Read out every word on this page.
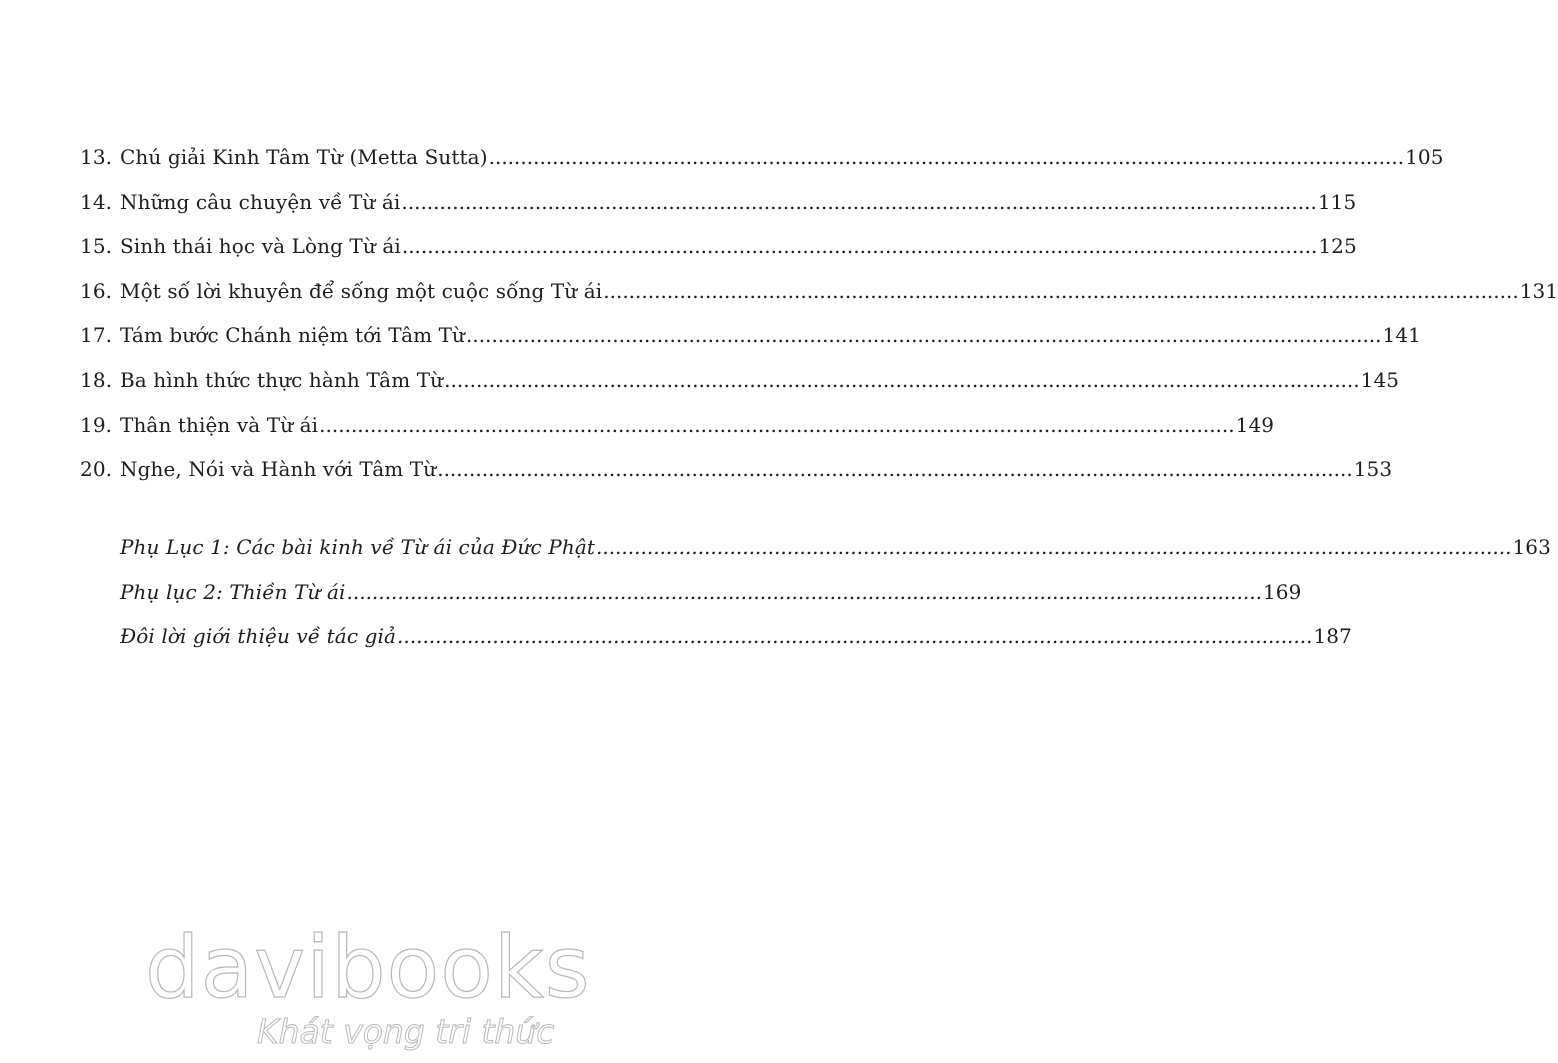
13. Chú giải Kinh Tâm Từ (Metta Sutta) .....	105
14. Những câu chuyện về Từ ái .....	115
15. Sinh thái học và Lòng Từ ái .....	125
16. Một số lời khuyên để sống một cuộc sống Từ ái .....	131
17. Tám bước Chánh niệm tới Tâm Từ .....	141
18. Ba hình thức thực hành Tâm Từ .....	145
19. Thân thiện và Từ ái .....	149
20. Nghe, Nói và Hành với Tâm Từ .....	153
Phụ Lục 1: Các bài kinh về Từ ái của Đức Phật .....	163
Phụ lục 2: Thiền Từ ái .....	169
Đôi lời giới thiệu về tác giả .....	187
davibooks
Khát vọng tri thức
